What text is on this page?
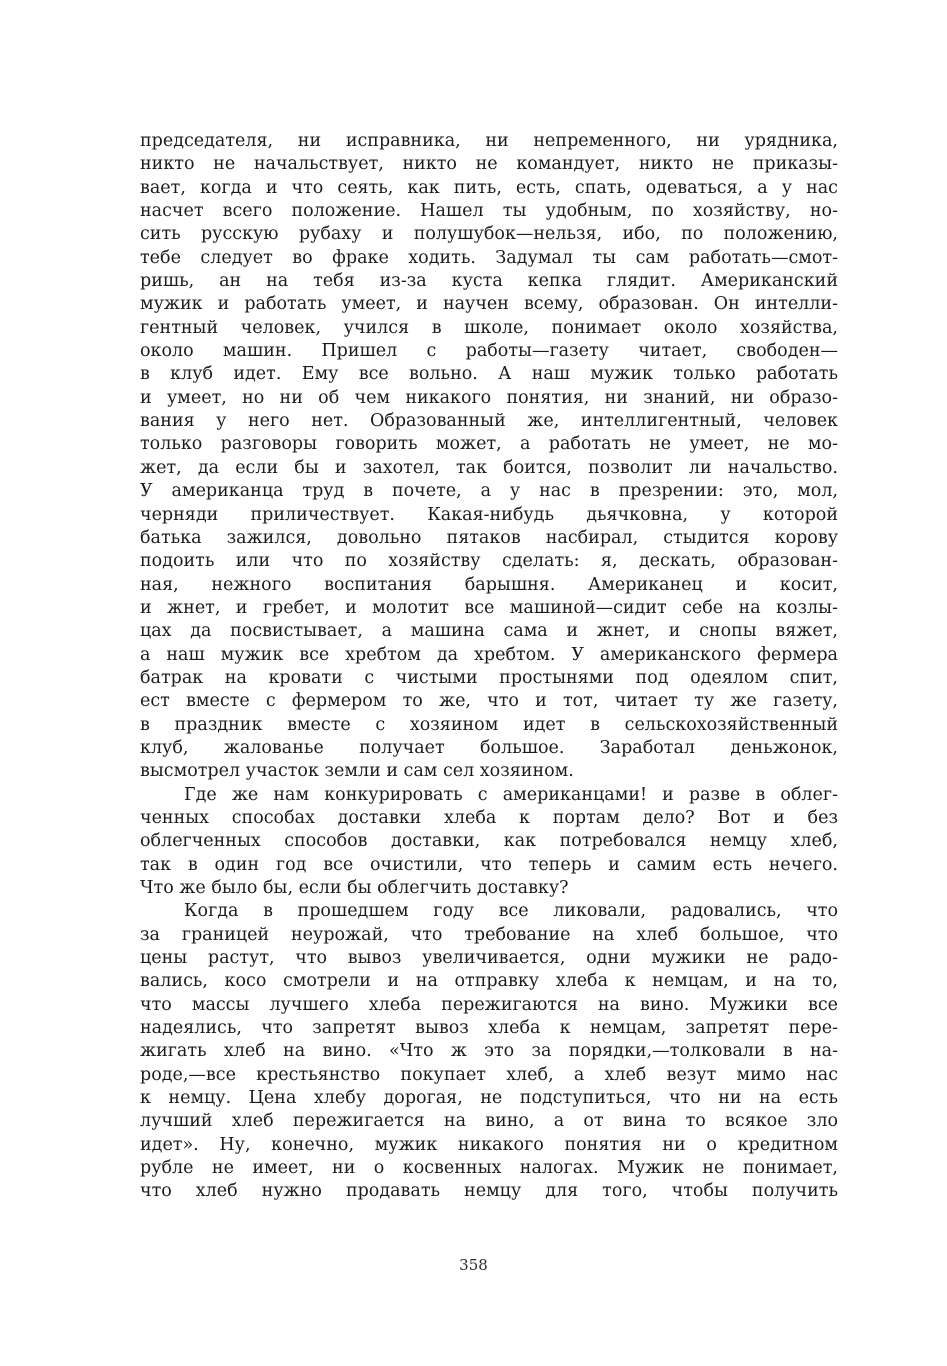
председателя, ни исправника, ни непременного, ни урядника,
никто не начальствует, никто не командует, никто не приказы-
вает, когда и что сеять, как пить, есть, спать, одеваться, а у нас
насчет всего положение. Нашел ты удобным, по хозяйству, но-
сить русскую рубаху и полушубок—нельзя, ибо, по положению,
тебе следует во фраке ходить. Задумал ты сам работать—смот-
ришь, ан на тебя из-за куста кепка глядит. Американский
мужик и работать умеет, и научен всему, образован. Он интелли-
гентный человек, учился в школе, понимает около хозяйства,
около машин. Пришел с работы—газету читает, свободен—
в клуб идет. Ему все вольно. А наш мужик только работать
и умеет, но ни об чем никакого понятия, ни знаний, ни образо-
вания у него нет. Образованный же, интеллигентный, человек
только разговоры говорить может, а работать не умеет, не мо-
жет, да если бы и захотел, так боится, позволит ли начальство.
У американца труд в почете, а у нас в презрении: это, мол,
черняди приличествует. Какая-нибудь дьячковна, у которой
батька зажился, довольно пятаков насбирал, стыдится корову
подоить или что по хозяйству сделать: я, дескать, образован-
ная, нежного воспитания барышня. Американец и косит,
и жнет, и гребет, и молотит все машиной—сидит себе на козлы-
цах да посвистывает, а машина сама и жнет, и снопы вяжет,
а наш мужик все хребтом да хребтом. У американского фермера
батрак на кровати с чистыми простынями под одеялом спит,
ест вместе с фермером то же, что и тот, читает ту же газету,
в праздник вместе с хозяином идет в сельскохозяйственный
клуб, жалованье получает большое. Заработал деньжонок,
высмотрел участок земли и сам сел хозяином.
Где же нам конкурировать с американцами! и разве в облег-
ченных способах доставки хлеба к портам дело? Вот и без
облегченных способов доставки, как потребовался немцу хлеб,
так в один год все очистили, что теперь и самим есть нечего.
Что же было бы, если бы облегчить доставку?
Когда в прошедшем году все ликовали, радовались, что
за границей неурожай, что требование на хлеб большое, что
цены растут, что вывоз увеличивается, одни мужики не радо-
вались, косо смотрели и на отправку хлеба к немцам, и на то,
что массы лучшего хлеба пережигаются на вино. Мужики все
надеялись, что запретят вывоз хлеба к немцам, запретят пере-
жигать хлеб на вино. «Что ж это за порядки,—толковали в на-
роде,—все крестьянство покупает хлеб, а хлеб везут мимо нас
к немцу. Цена хлебу дорогая, не подступиться, что ни на есть
лучший хлеб пережигается на вино, а от вина то всякое зло
идет». Ну, конечно, мужик никакого понятия ни о кредитном
рубле не имеет, ни о косвенных налогах. Мужик не понимает,
что хлеб нужно продавать немцу для того, чтобы получить
358
